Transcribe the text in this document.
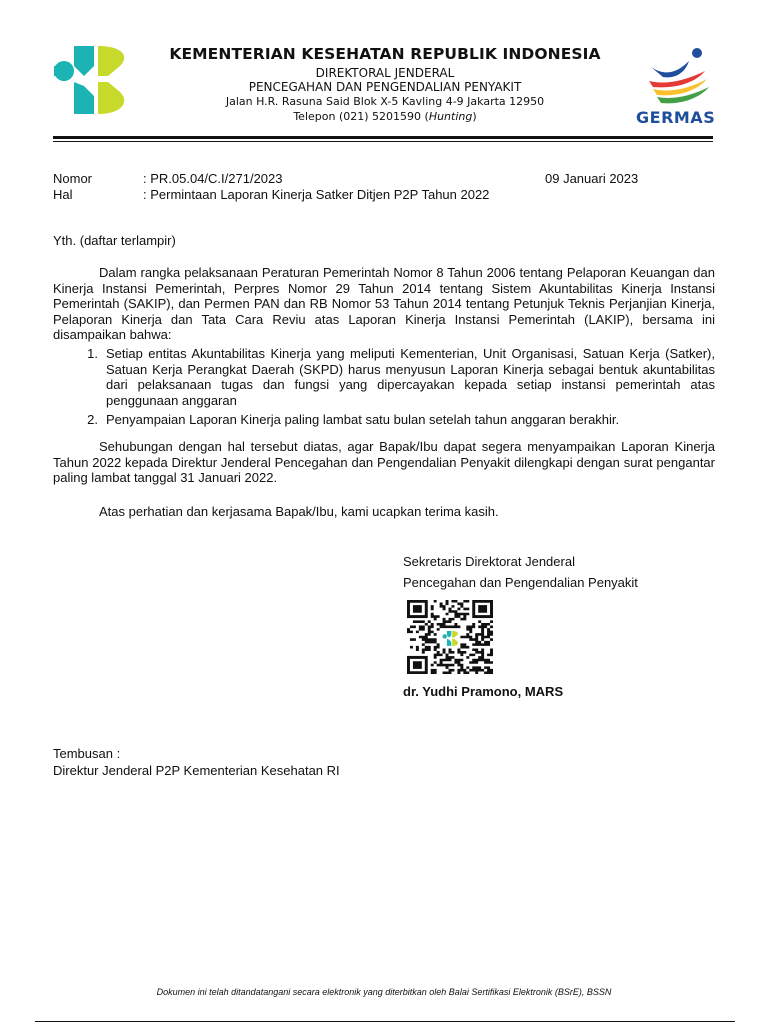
KEMENTERIAN KESEHATAN REPUBLIK INDONESIA
DIREKTORAL JENDERAL
PENCEGAHAN DAN PENGENDALIAN PENYAKIT
Jalan H.R. Rasuna Said Blok X-5 Kavling 4-9 Jakarta 12950
Telepon (021) 5201590 (Hunting)	GERMAS
Nomor	: PR.05.04/C.I/271/2023	09 Januari 2023
Hal	: Permintaan Laporan Kinerja Satker Ditjen P2P Tahun 2022
Yth. (daftar terlampir)
Dalam rangka pelaksanaan Peraturan Pemerintah Nomor 8 Tahun 2006 tentang Pelaporan Keuangan dan Kinerja Instansi Pemerintah, Perpres Nomor 29 Tahun 2014 tentang Sistem Akuntabilitas Kinerja Instansi Pemerintah (SAKIP), dan Permen PAN dan RB Nomor 53 Tahun 2014 tentang Petunjuk Teknis Perjanjian Kinerja, Pelaporan Kinerja dan Tata Cara Reviu atas Laporan Kinerja Instansi Pemerintah (LAKIP), bersama ini disampaikan bahwa:
1. Setiap entitas Akuntabilitas Kinerja yang meliputi Kementerian, Unit Organisasi, Satuan Kerja (Satker), Satuan Kerja Perangkat Daerah (SKPD) harus menyusun Laporan Kinerja sebagai bentuk akuntabilitas dari pelaksanaan tugas dan fungsi yang dipercayakan kepada setiap instansi pemerintah atas penggunaan anggaran
2. Penyampaian Laporan Kinerja paling lambat satu bulan setelah tahun anggaran berakhir.
Sehubungan dengan hal tersebut diatas, agar Bapak/Ibu dapat segera menyampaikan Laporan Kinerja Tahun 2022 kepada Direktur Jenderal Pencegahan dan Pengendalian Penyakit dilengkapi dengan surat pengantar paling lambat tanggal 31 Januari 2022.
Atas perhatian dan kerjasama Bapak/Ibu, kami ucapkan terima kasih.
Sekretaris Direktorat Jenderal
Pencegahan dan Pengendalian Penyakit
dr. Yudhi Pramono, MARS
Tembusan :
Direktur Jenderal P2P Kementerian Kesehatan RI
Dokumen ini telah ditandatangani secara elektronik yang diterbitkan oleh Balai Sertifikasi Elektronik (BSrE), BSSN
